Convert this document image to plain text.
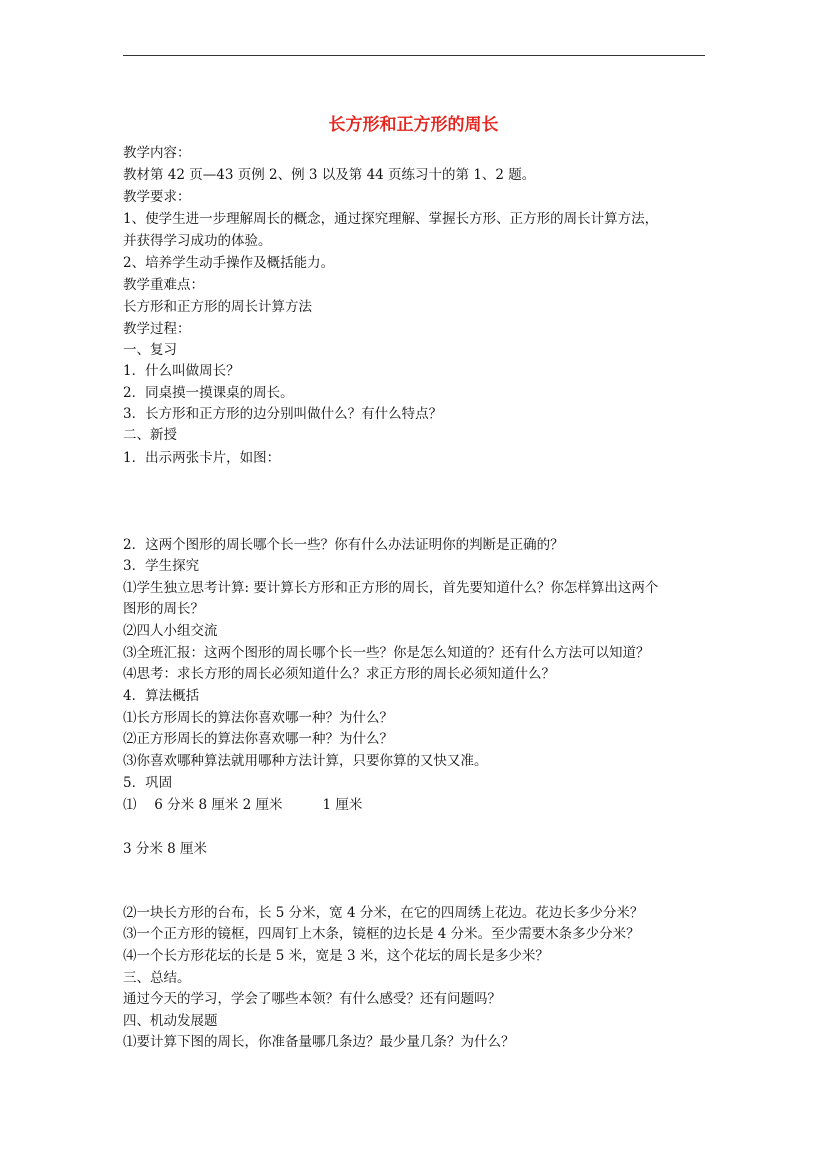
长方形和正方形的周长
教学内容：
教材第 42 页—43 页例 2、例 3 以及第 44 页练习十的第 1、2 题。
教学要求：
1、使学生进一步理解周长的概念，通过探究理解、掌握长方形、正方形的周长计算方法，
并获得学习成功的体验。
2、培养学生动手操作及概括能力。
教学重难点：
长方形和正方形的周长计算方法
教学过程：
一、复习
1．什么叫做周长？
2．同桌摸一摸课桌的周长。
3．长方形和正方形的边分别叫做什么？有什么特点？
二、新授
1．出示两张卡片，如图：
2．这两个图形的周长哪个长一些？你有什么办法证明你的判断是正确的？
3．学生探究
⑴学生独立思考计算: 要计算长方形和正方形的周长，首先要知道什么？你怎样算出这两个
图形的周长？
⑵四人小组交流
⑶全班汇报：这两个图形的周长哪个长一些？你是怎么知道的？还有什么方法可以知道？
⑷思考：求长方形的周长必须知道什么？求正方形的周长必须知道什么？
4．算法概括
⑴长方形周长的算法你喜欢哪一种？为什么？
⑵正方形周长的算法你喜欢哪一种？为什么？
⑶你喜欢哪种算法就用哪种方法计算，只要你算的又快又准。
5．巩固
⑴　 6 分米 8 厘米 2 厘米	1 厘米
3 分米 8 厘米
⑵一块长方形的台布，长 5 分米，宽 4 分米，在它的四周绣上花边。花边长多少分米？
⑶一个正方形的镜框，四周钉上木条，镜框的边长是 4 分米。至少需要木条多少分米？
⑷一个长方形花坛的长是 5 米，宽是 3 米，这个花坛的周长是多少米？
三、总结。
通过今天的学习，学会了哪些本领？有什么感受？还有问题吗？
四、机动发展题
⑴要计算下图的周长，你准备量哪几条边？最少量几条？为什么？
